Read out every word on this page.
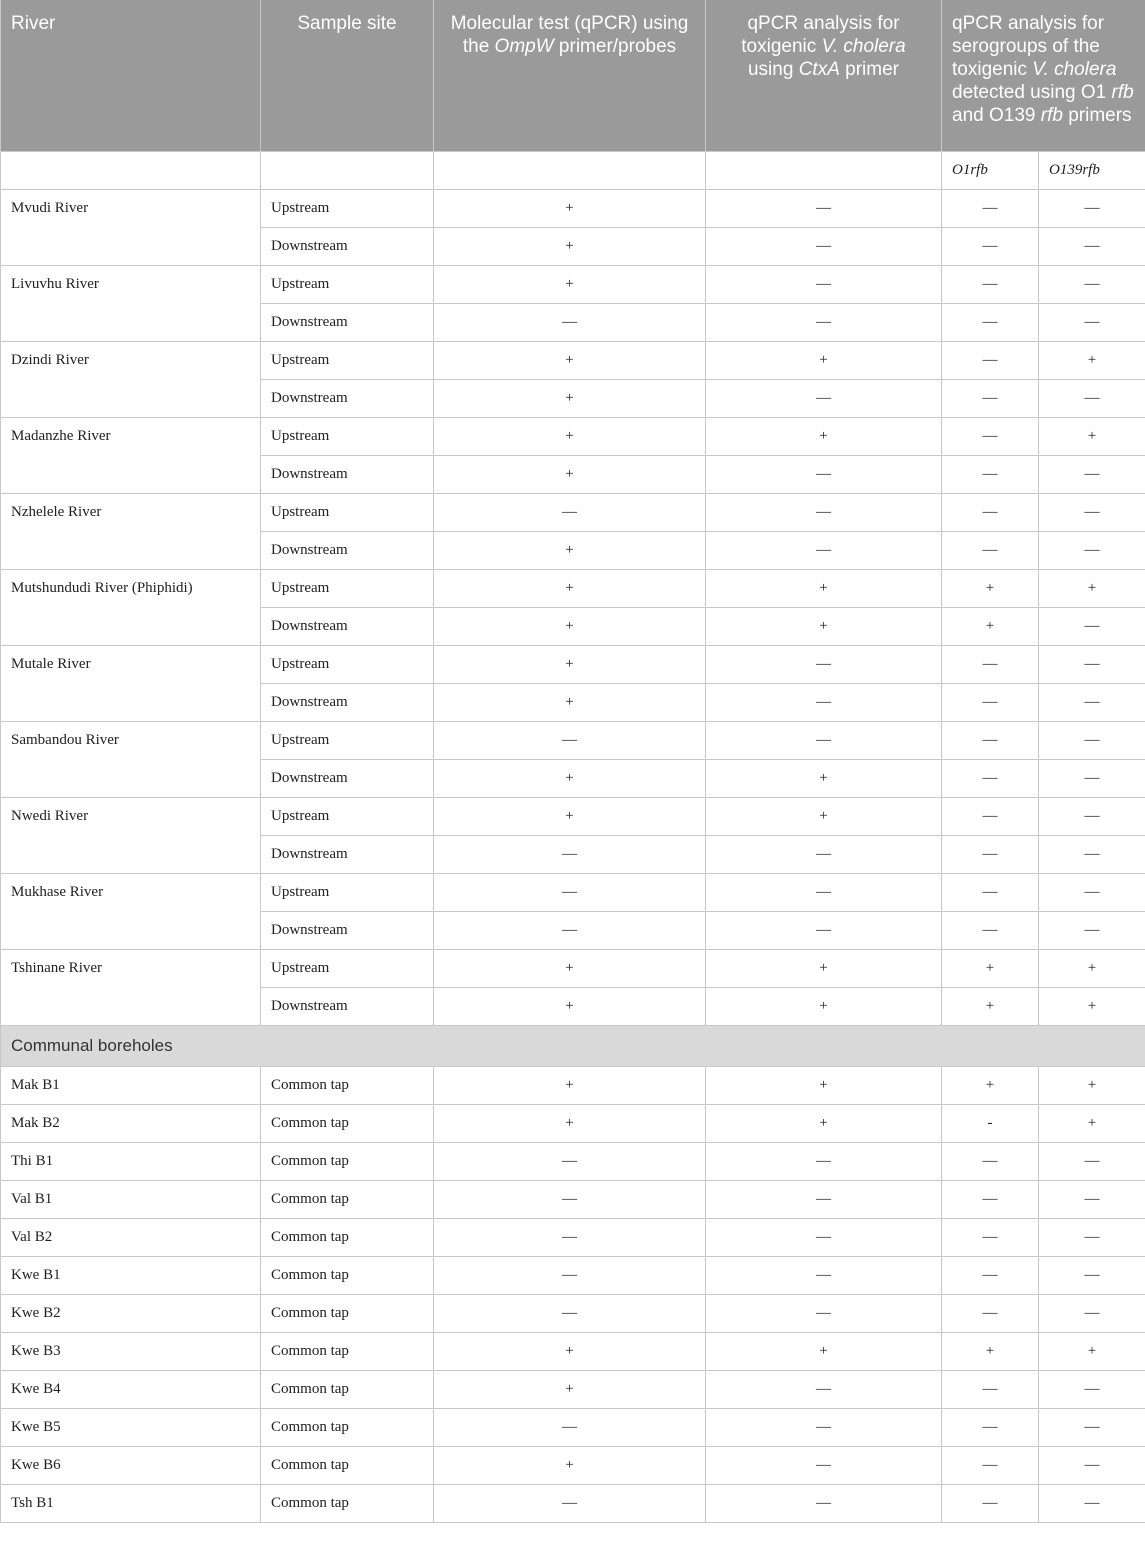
River	Sample site	Molecular test (qPCR) using the OmpW primer/probes	qPCR analysis for toxigenic V. cholera using CtxA primer	qPCR analysis for serogroups of the toxigenic V. cholera detected using O1 rfb and O139 rfb primers	
				O1rfb	O139rfb
Mvudi River	Upstream	+	—	—	—
	Downstream	+	—	—	—
Livuvhu River	Upstream	+	—	—	—
	Downstream	—	—	—	—
Dzindi River	Upstream	+	+	—	+
	Downstream	+	—	—	—
Madanzhe River	Upstream	+	+	—	+
	Downstream	+	—	—	—
Nzhelele River	Upstream	—	—	—	—
	Downstream	+	—	—	—
Mutshundudi River (Phiphidi)	Upstream	+	+	+	+
	Downstream	+	+	+	—
Mutale River	Upstream	+	—	—	—
	Downstream	+	—	—	—
Sambandou River	Upstream	—	—	—	—
	Downstream	+	+	—	—
Nwedi River	Upstream	+	+	—	—
	Downstream	—	—	—	—
Mukhase River	Upstream	—	—	—	—
	Downstream	—	—	—	—
Tshinane River	Upstream	+	+	+	+
	Downstream	+	+	+	+
Communal boreholes					
Mak B1	Common tap	+	+	+	+
Mak B2	Common tap	+	+	-	+
Thi B1	Common tap	—	—	—	—
Val B1	Common tap	—	—	—	—
Val B2	Common tap	—	—	—	—
Kwe B1	Common tap	—	—	—	—
Kwe B2	Common tap	—	—	—	—
Kwe B3	Common tap	+	+	+	+
Kwe B4	Common tap	+	—	—	—
Kwe B5	Common tap	—	—	—	—
Kwe B6	Common tap	+	—	—	—
Tsh B1	Common tap	—	—	—	—
